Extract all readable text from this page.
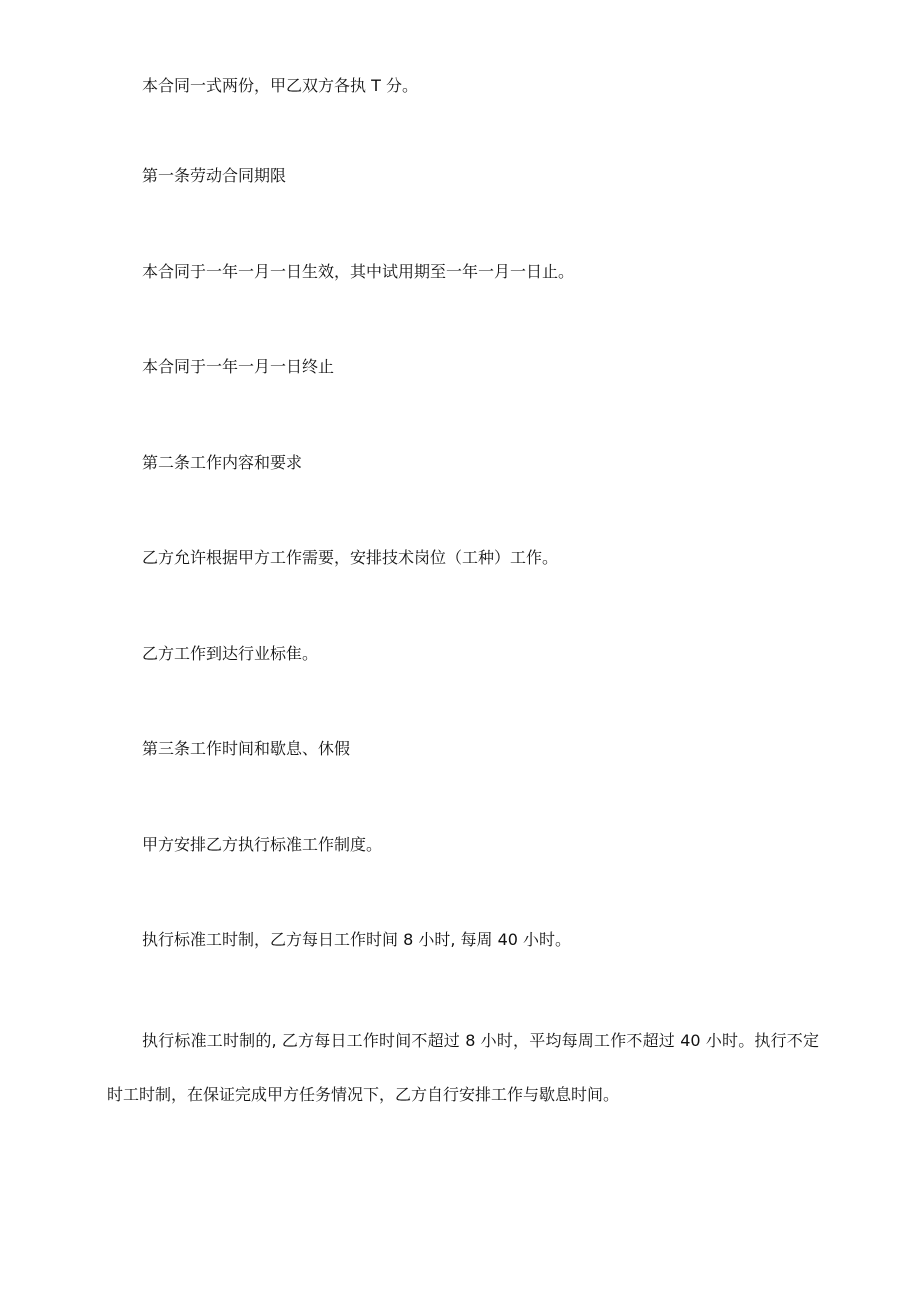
本合同一式两份，甲乙双方各执 T 分。

第一条劳动合同期限

本合同于一年一月一日生效，其中试用期至一年一月一日止。

本合同于一年一月一日终止

第二条工作内容和要求

乙方允许根据甲方工作需要，安排技术岗位（工种）工作。

乙方工作到达行业标隹。

第三条工作时间和歇息、休假

甲方安排乙方执行标准工作制度。

执行标准工时制，乙方每日工作时间 8 小时, 每周 40 小时。

执行标准工时制的, 乙方每日工作时间不超过 8 小时，平均每周工作不超过 40 小时。执行不定时工时制，在保证完成甲方任务情况下，乙方自行安排工作与歇息时间。
